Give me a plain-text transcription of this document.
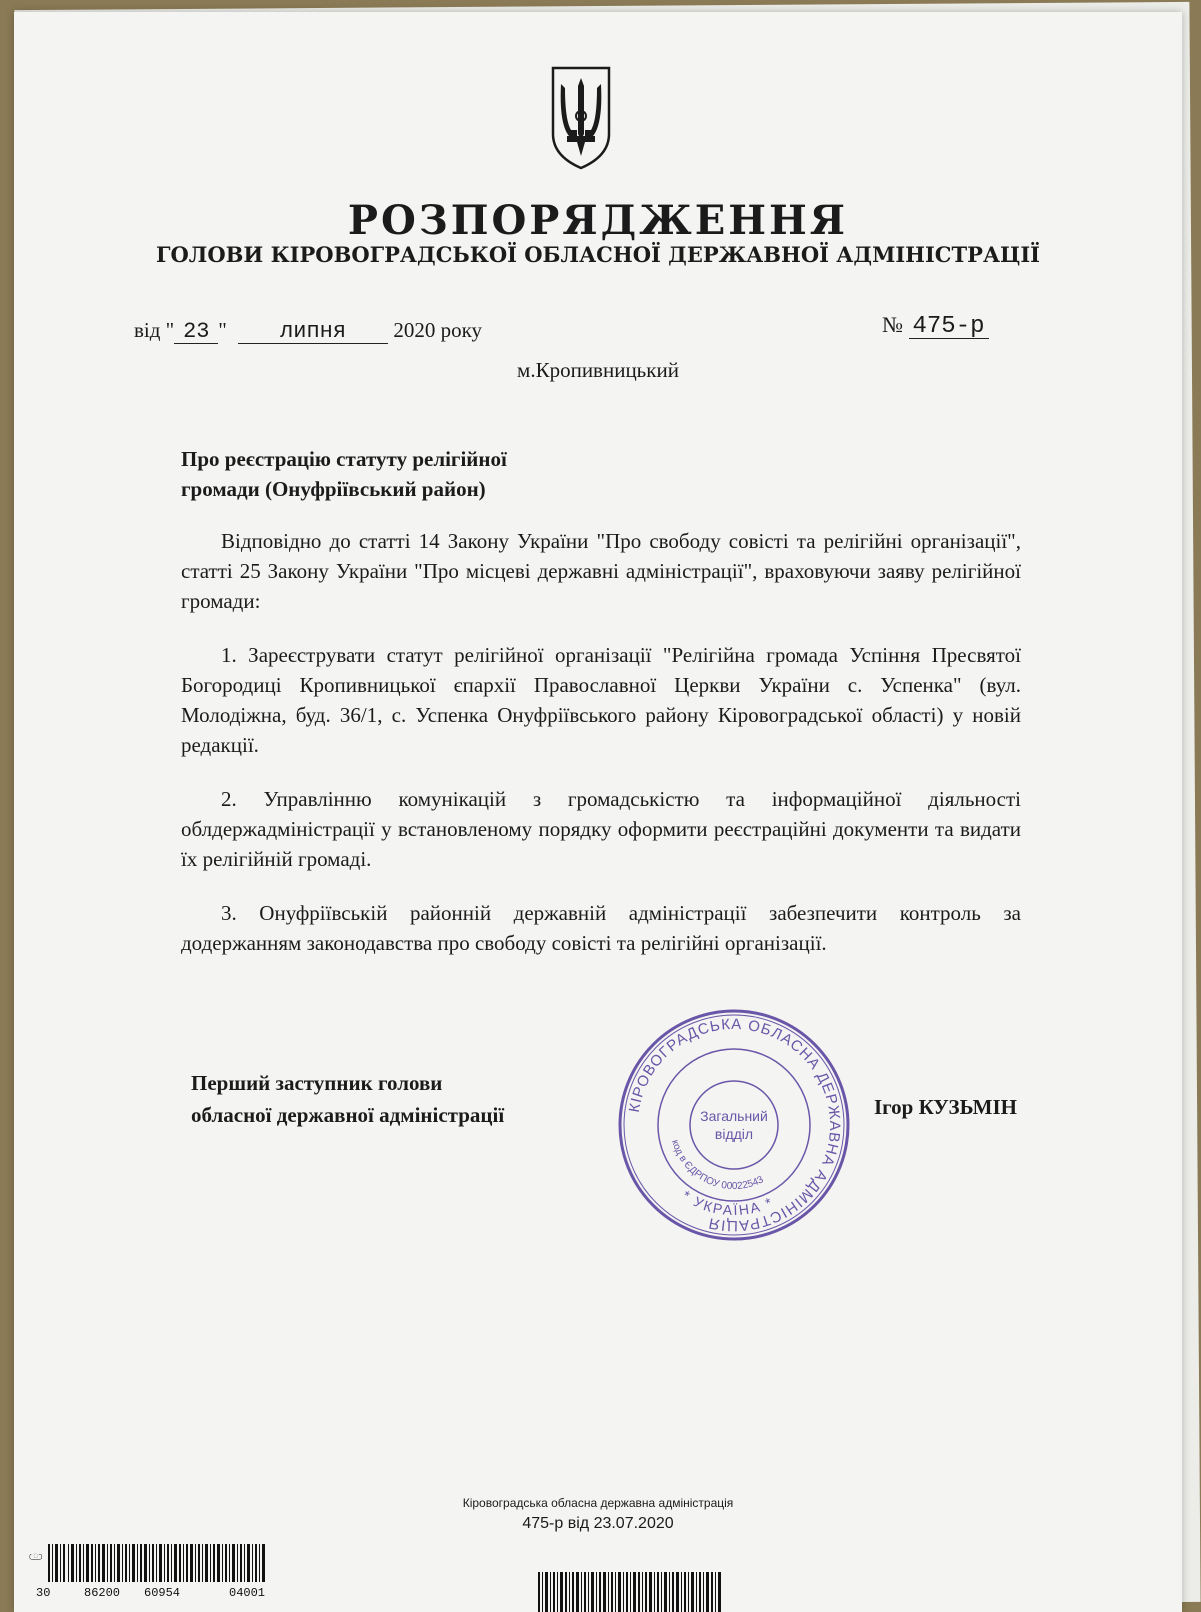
РОЗПОРЯДЖЕННЯ
ГОЛОВИ КІРОВОГРАДСЬКОЇ ОБЛАСНОЇ ДЕРЖАВНОЇ АДМІНІСТРАЦІЇ
від " 23 " липня 2020 року	№ 475-р
м.Кропивницький
Про реєстрацію статуту релігійної
громади (Онуфріївський район)

Відповідно до статті 14 Закону України "Про свободу совісті та релігійні організації", статті 25 Закону України "Про місцеві державні адміністрації", враховуючи заяву релігійної громади:

1. Зареєструвати статут релігійної організації "Релігійна громада Успіння Пресвятої Богородиці Кропивницької єпархії Православної Церкви України с. Успенка" (вул. Молодіжна, буд. 36/1, с. Успенка Онуфріївського району Кіровоградської області) у новій редакції.

2. Управлінню комунікацій з громадськістю та інформаційної діяльності облдержадміністрації у встановленому порядку оформити реєстраційні документи та видати їх релігійній громаді.

3. Онуфріївській районній державній адміністрації забезпечити контроль за додержанням законодавства про свободу совісті та релігійні організації.

Перший заступник голови
обласної державної адміністрації	КІРОВОГРАДСЬКА ОБЛАСНА ДЕРЖАВНА АДМІНІСТРАЦІЯ
код в ЄДРПОУ 00022543
* УКРАЇНА *
Загальний
відділ
Ігор КУЗЬМІН
Кіровоградська обласна державна адміністрація
475-р від 23.07.2020
ြ
30	86200 60954	04001
